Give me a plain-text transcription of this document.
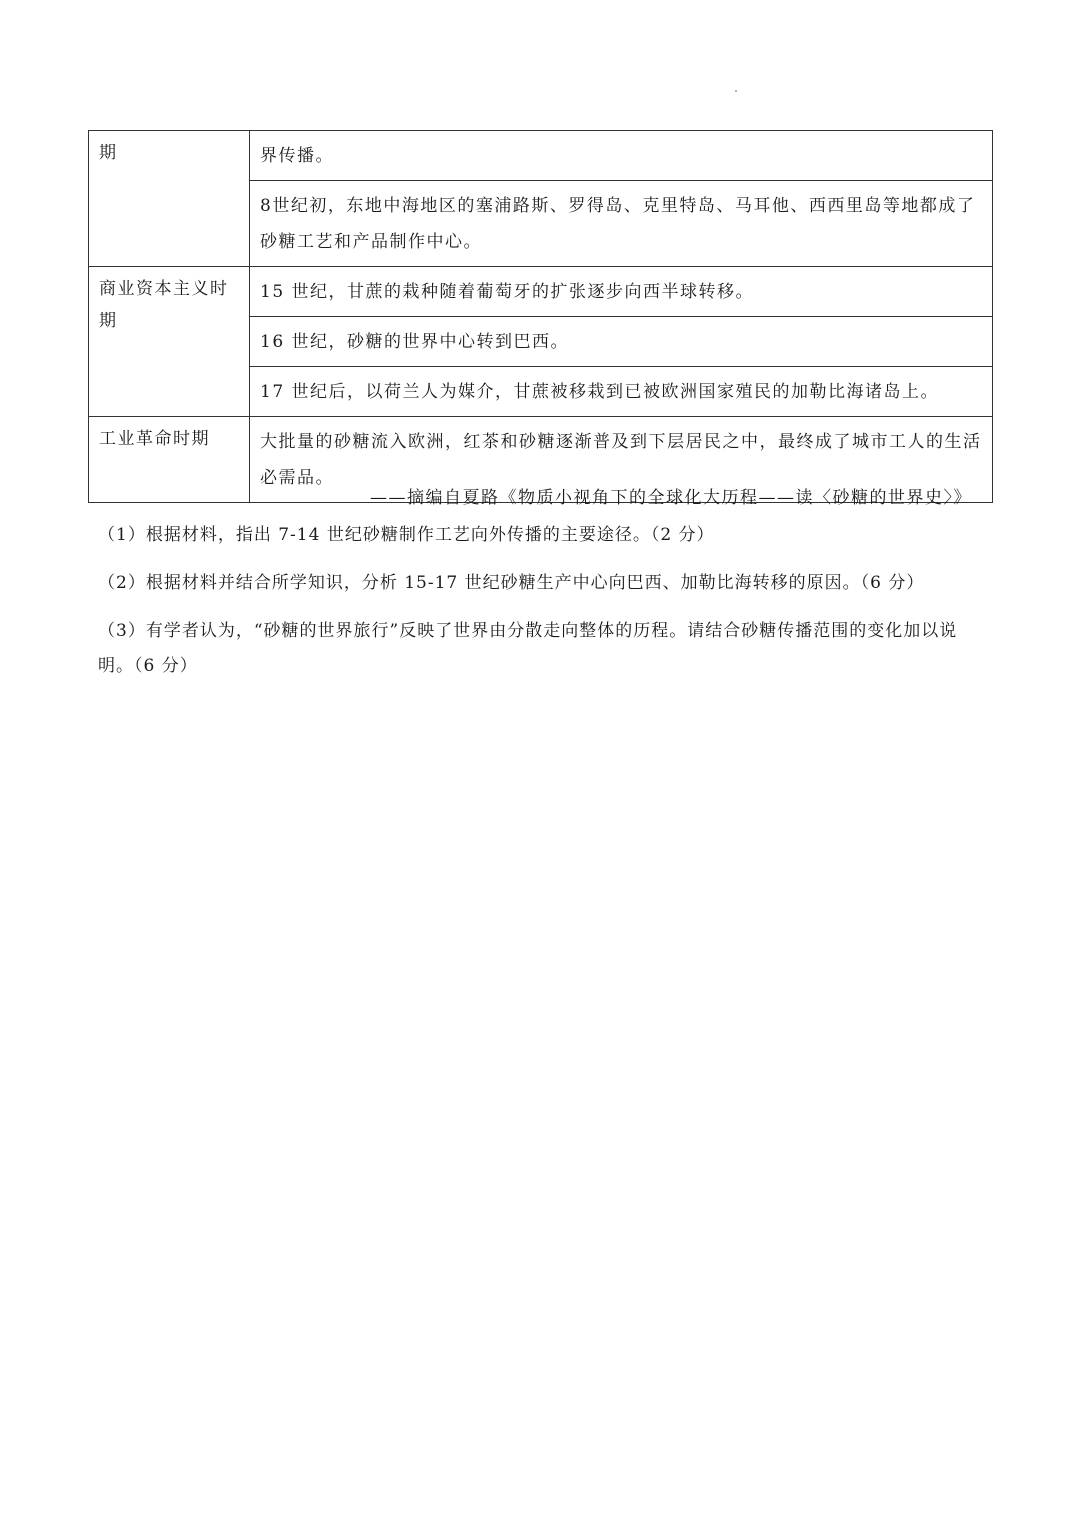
期	界传播。
	8世纪初，东地中海地区的塞浦路斯、罗得岛、克里特岛、马耳他、西西里岛等地都成了砂糖工艺和产品制作中心。
商业资本主义时期	15 世纪，甘蔗的栽种随着葡萄牙的扩张逐步向西半球转移。
	16 世纪，砂糖的世界中心转到巴西。
	17 世纪后，以荷兰人为媒介，甘蔗被移栽到已被欧洲国家殖民的加勒比海诸岛上。
工业革命时期	大批量的砂糖流入欧洲，红茶和砂糖逐渐普及到下层居民之中，最终成了城市工人的生活必需品。
——摘编自夏路《物质小视角下的全球化大历程——读〈砂糖的世界史〉》
（1）根据材料，指出 7-14 世纪砂糖制作工艺向外传播的主要途径。（2 分）
（2）根据材料并结合所学知识，分析 15-17 世纪砂糖生产中心向巴西、加勒比海转移的原因。（6 分）
（3）有学者认为，“砂糖的世界旅行”反映了世界由分散走向整体的历程。请结合砂糖传播范围的变化加以说明。（6 分）
